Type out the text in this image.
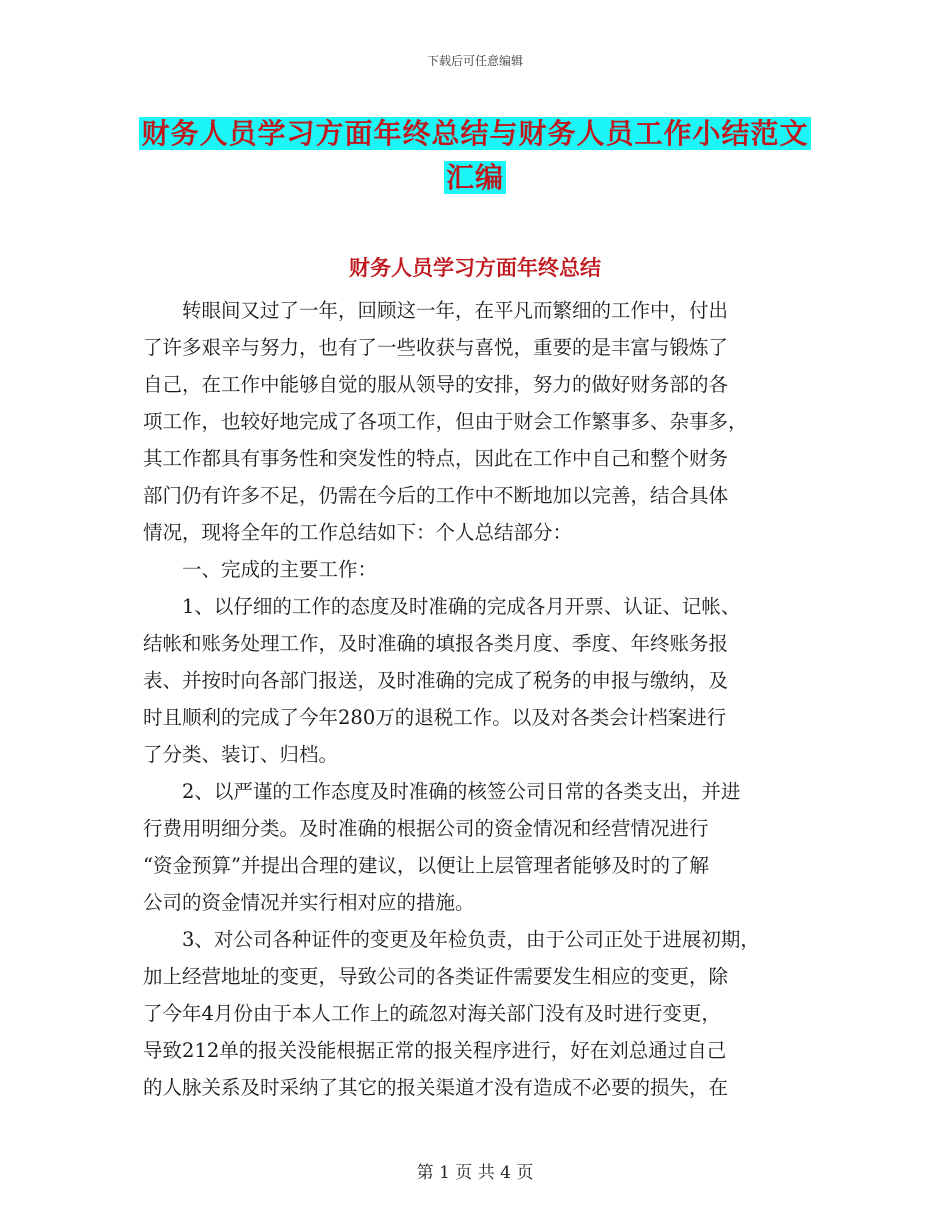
下载后可任意编辑
财务人员学习方面年终总结与财务人员工作小结范文
汇编
财务人员学习方面年终总结
　　转眼间又过了一年，回顾这一年，在平凡而繁细的工作中，付出
了许多艰辛与努力，也有了一些收获与喜悦，重要的是丰富与锻炼了
自己，在工作中能够自觉的服从领导的安排，努力的做好财务部的各
项工作，也较好地完成了各项工作，但由于财会工作繁事多、杂事多，
其工作都具有事务性和突发性的特点，因此在工作中自己和整个财务
部门仍有许多不足，仍需在今后的工作中不断地加以完善，结合具体
情况，现将全年的工作总结如下：个人总结部分：
　　一、完成的主要工作：
　　1、以仔细的工作的态度及时准确的完成各月开票、认证、记帐、
结帐和账务处理工作，及时准确的填报各类月度、季度、年终账务报
表、并按时向各部门报送，及时准确的完成了税务的申报与缴纳，及
时且顺利的完成了今年280万的退税工作。以及对各类会计档案进行
了分类、装订、归档。
　　2、以严谨的工作态度及时准确的核签公司日常的各类支出，并进
行费用明细分类。及时准确的根据公司的资金情况和经营情况进行
“资金预算”并提出合理的建议，以便让上层管理者能够及时的了解
公司的资金情况并实行相对应的措施。
　　3、对公司各种证件的变更及年检负责，由于公司正处于进展初期，
加上经营地址的变更，导致公司的各类证件需要发生相应的变更，除
了今年4月份由于本人工作上的疏忽对海关部门没有及时进行变更，
导致212单的报关没能根据正常的报关程序进行，好在刘总通过自己
的人脉关系及时采纳了其它的报关渠道才没有造成不必要的损失，在
第 1 页 共 4 页
